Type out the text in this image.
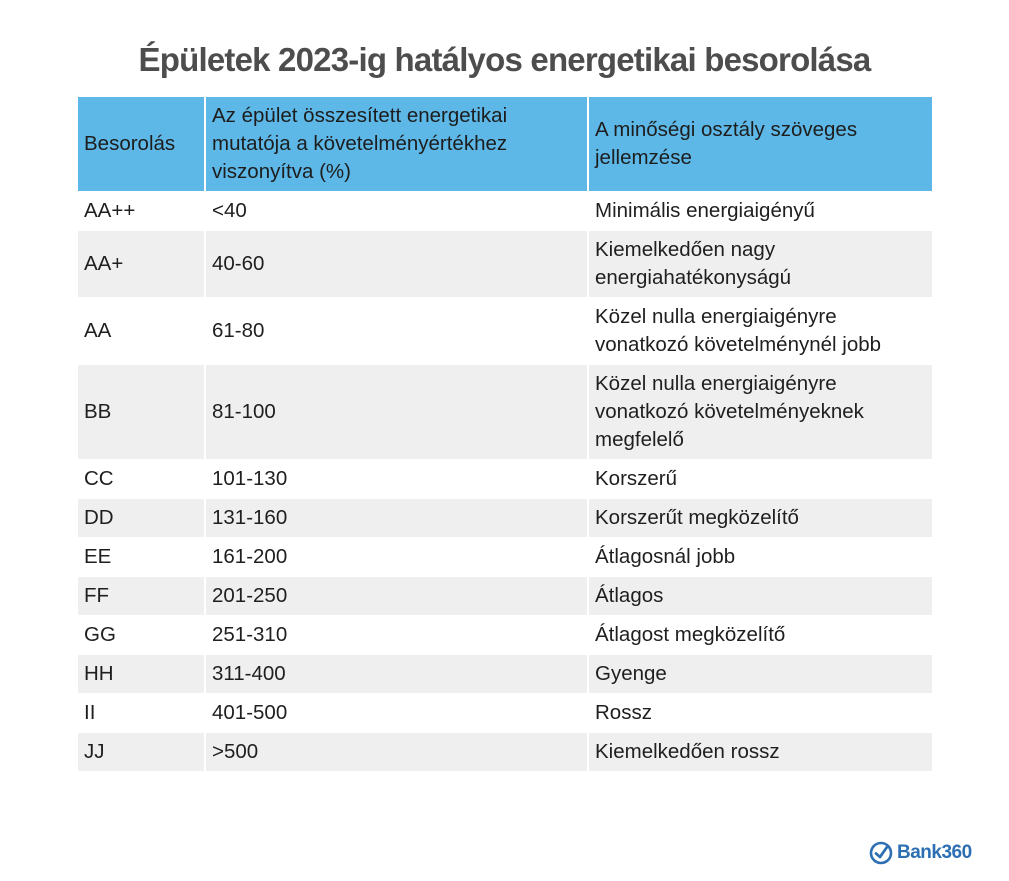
Épületek 2023-ig hatályos energetikai besorolása
Besorolás	Az épület összesített energetikai mutatója a követelményértékhez viszonyítva (%)	A minőségi osztály szöveges jellemzése
AA++	<40	Minimális energiaigényű
AA+	40-60	Kiemelkedően nagy energiahatékonyságú
AA	61-80	Közel nulla energiaigényre vonatkozó követelménynél jobb
BB	81-100	Közel nulla energiaigényre vonatkozó követelményeknek megfelelő
CC	101-130	Korszerű
DD	131-160	Korszerűt megközelítő
EE	161-200	Átlagosnál jobb
FF	201-250	Átlagos
GG	251-310	Átlagost megközelítő
HH	311-400	Gyenge
II	401-500	Rossz
JJ	>500	Kiemelkedően rossz
Bank360
